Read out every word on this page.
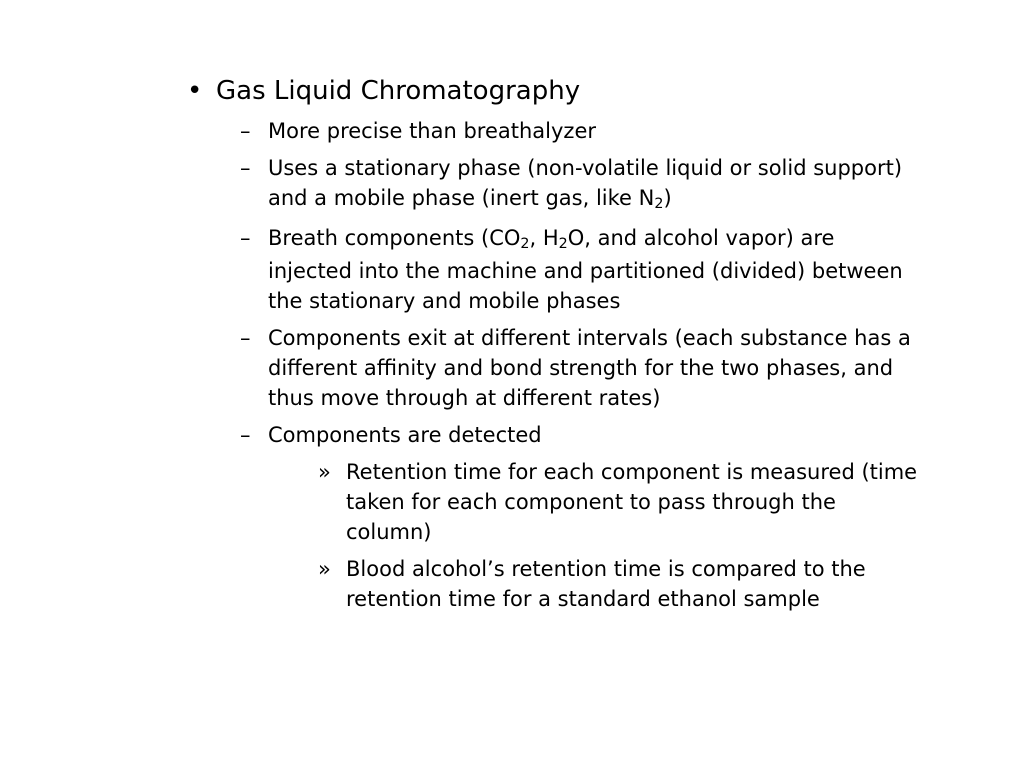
• Gas Liquid Chromatography
– More precise than breathalyzer
– Uses a stationary phase (non-volatile liquid or solid support) and a mobile phase (inert gas, like $N_2$)
– Breath components ($CO_2$, $H_2O$, and alcohol vapor) are injected into the machine and partitioned (divided) between the stationary and mobile phases
– Components exit at different intervals (each substance has a different affinity and bond strength for the two phases, and thus move through at different rates)
– Components are detected
» Retention time for each component is measured (time taken for each component to pass through the column)
» Blood alcohol’s retention time is compared to the retention time for a standard ethanol sample
